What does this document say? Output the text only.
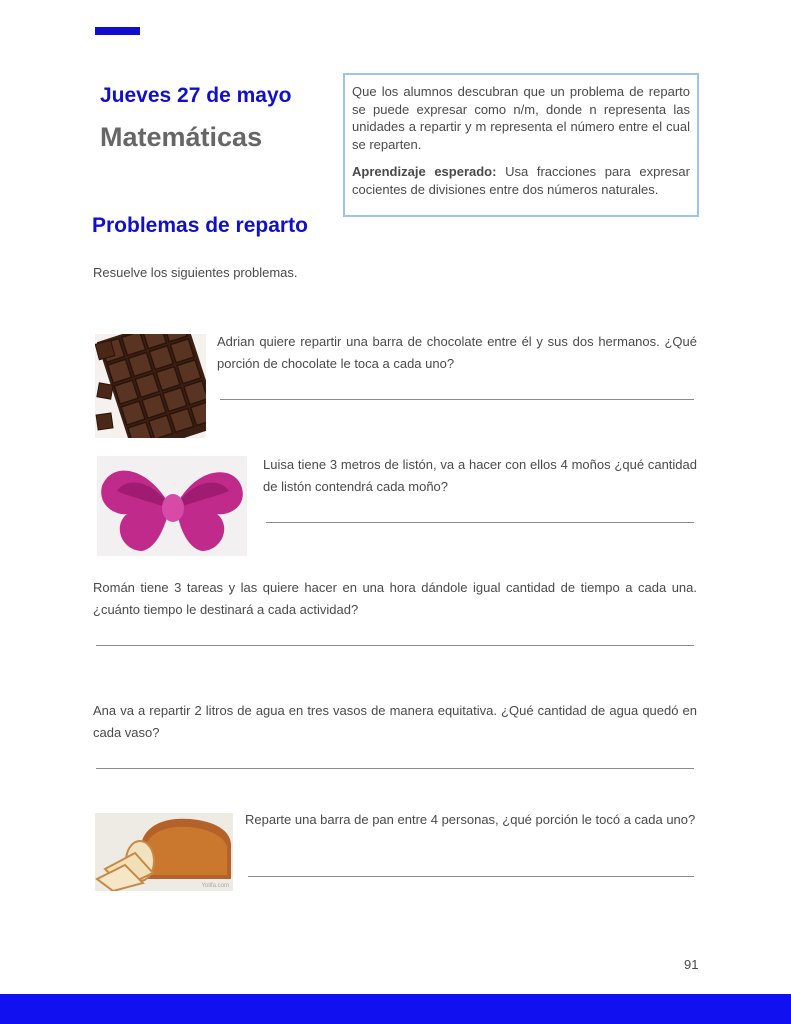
Jueves 27 de mayo
Matemáticas

Que los alumnos descubran que un problema de reparto se puede expresar como n/m, donde n representa las unidades a repartir y m representa el número entre el cual se reparten.

Aprendizaje esperado: Usa fracciones para expresar cocientes de divisiones entre dos números naturales.

Problemas de reparto
Resuelve los siguientes problemas.
Adrian quiere repartir una barra de chocolate entre él y sus dos hermanos. ¿Qué porción de chocolate le toca a cada uno?
Luisa tiene 3 metros de listón, va a hacer con ellos 4 moños ¿qué cantidad de listón contendrá cada moño?
Román tiene 3 tareas y las quiere hacer en una hora dándole igual cantidad de tiempo a cada una. ¿cuánto tiempo le destinará a cada actividad?
Ana va a repartir 2 litros de agua en tres vasos de manera equitativa. ¿Qué cantidad de agua quedó en cada vaso?
Yolifa.com
Reparte una barra de pan entre 4 personas, ¿qué porción le tocó a cada uno?
91
